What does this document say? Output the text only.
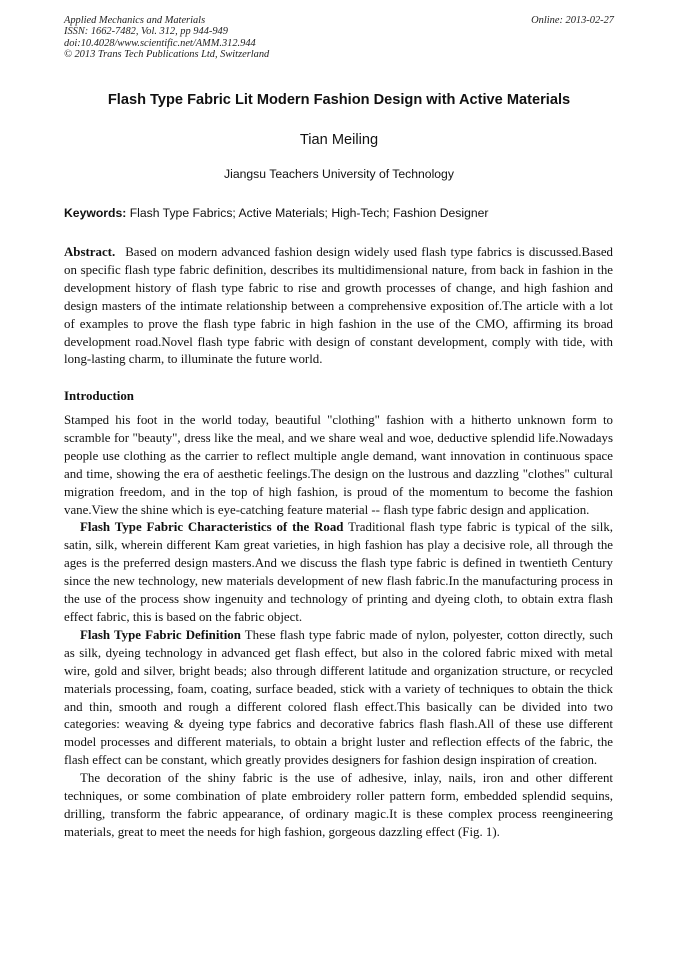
Applied Mechanics and Materials
ISSN: 1662-7482, Vol. 312, pp 944-949
doi:10.4028/www.scientific.net/AMM.312.944
© 2013 Trans Tech Publications Ltd, Switzerland
Online: 2013-02-27
Flash Type Fabric Lit Modern Fashion Design with Active Materials
Tian Meiling
Jiangsu Teachers University of Technology
Keywords: Flash Type Fabrics; Active Materials; High-Tech; Fashion Designer
Abstract. Based on modern advanced fashion design widely used flash type fabrics is discussed.Based on specific flash type fabric definition, describes its multidimensional nature, from back in fashion in the development history of flash type fabric to rise and growth processes of change, and high fashion and design masters of the intimate relationship between a comprehensive exposition of.The article with a lot of examples to prove the flash type fabric in high fashion in the use of the CMO, affirming its broad development road.Novel flash type fabric with design of constant development, comply with tide, with long-lasting charm, to illuminate the future world.
Introduction

Stamped his foot in the world today, beautiful "clothing" fashion with a hitherto unknown form to scramble for "beauty", dress like the meal, and we share weal and woe, deductive splendid life.Nowadays people use clothing as the carrier to reflect multiple angle demand, want innovation in continuous space and time, showing the era of aesthetic feelings.The design on the lustrous and dazzling "clothes" cultural migration freedom, and in the top of high fashion, is proud of the momentum to become the fashion vane.View the shine which is eye-catching feature material -- flash type fabric design and application.

Flash Type Fabric Characteristics of the Road Traditional flash type fabric is typical of the silk, satin, silk, wherein different Kam great varieties, in high fashion has play a decisive role, all through the ages is the preferred design masters.And we discuss the flash type fabric is defined in twentieth Century since the new technology, new materials development of new flash fabric.In the manufacturing process in the use of the process show ingenuity and technology of printing and dyeing cloth, to obtain extra flash effect fabric, this is based on the fabric object.

Flash Type Fabric Definition These flash type fabric made of nylon, polyester, cotton directly, such as silk, dyeing technology in advanced get flash effect, but also in the colored fabric mixed with metal wire, gold and silver, bright beads; also through different latitude and organization structure, or recycled materials processing, foam, coating, surface beaded, stick with a variety of techniques to obtain the thick and thin, smooth and rough a different colored flash effect.This basically can be divided into two categories: weaving & dyeing type fabrics and decorative fabrics flash flash.All of these use different model processes and different materials, to obtain a bright luster and reflection effects of the fabric, the flash effect can be constant, which greatly provides designers for fashion design inspiration of creation.

The decoration of the shiny fabric is the use of adhesive, inlay, nails, iron and other different techniques, or some combination of plate embroidery roller pattern form, embedded splendid sequins, drilling, transform the fabric appearance, of ordinary magic.It is these complex process reengineering materials, great to meet the needs for high fashion, gorgeous dazzling effect (Fig. 1).
